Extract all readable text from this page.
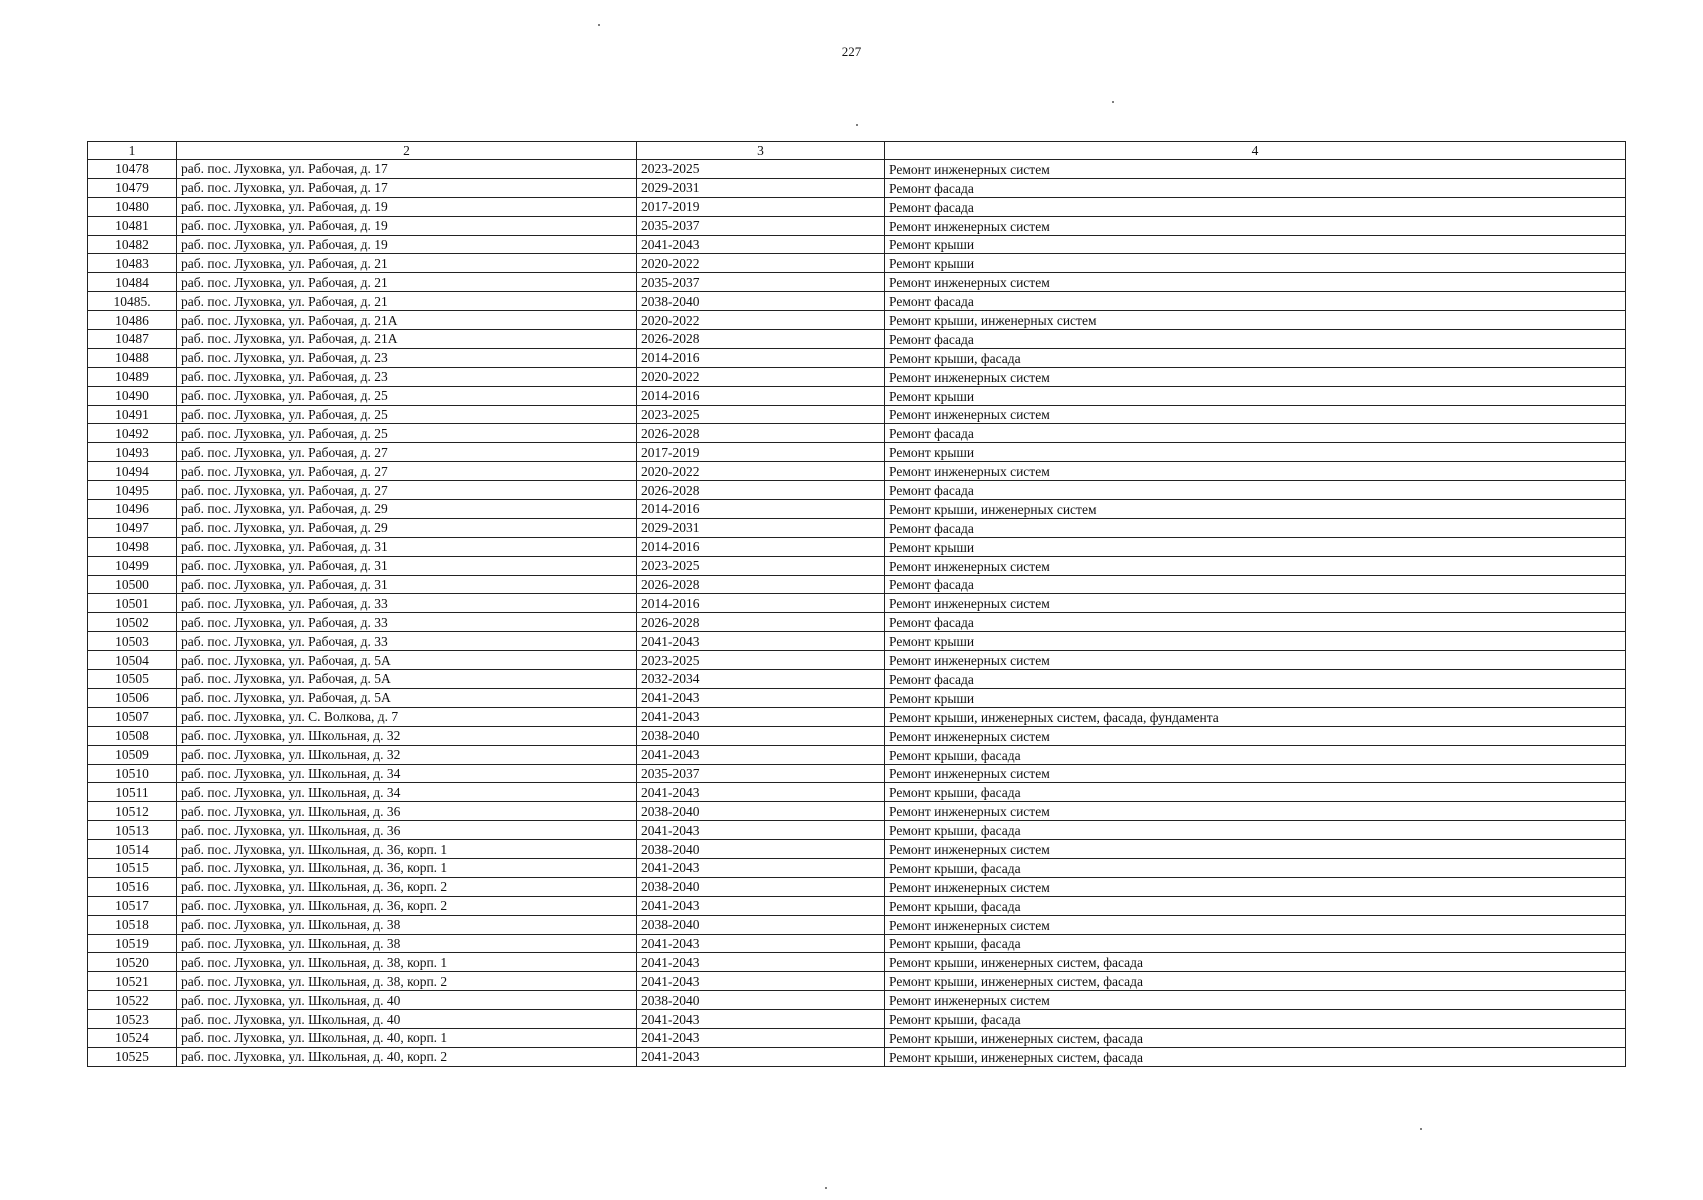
227
1	2	3	4
10478	раб. пос. Луховка, ул. Рабочая, д. 17	2023-2025	Ремонт инженерных систем
10479	раб. пос. Луховка, ул. Рабочая, д. 17	2029-2031	Ремонт фасада
10480	раб. пос. Луховка, ул. Рабочая, д. 19	2017-2019	Ремонт фасада
10481	раб. пос. Луховка, ул. Рабочая, д. 19	2035-2037	Ремонт инженерных систем
10482	раб. пос. Луховка, ул. Рабочая, д. 19	2041-2043	Ремонт крыши
10483	раб. пос. Луховка, ул. Рабочая, д. 21	2020-2022	Ремонт крыши
10484	раб. пос. Луховка, ул. Рабочая, д. 21	2035-2037	Ремонт инженерных систем
10485.	раб. пос. Луховка, ул. Рабочая, д. 21	2038-2040	Ремонт фасада
10486	раб. пос. Луховка, ул. Рабочая, д. 21А	2020-2022	Ремонт крыши, инженерных систем
10487	раб. пос. Луховка, ул. Рабочая, д. 21А	2026-2028	Ремонт фасада
10488	раб. пос. Луховка, ул. Рабочая, д. 23	2014-2016	Ремонт крыши, фасада
10489	раб. пос. Луховка, ул. Рабочая, д. 23	2020-2022	Ремонт инженерных систем
10490	раб. пос. Луховка, ул. Рабочая, д. 25	2014-2016	Ремонт крыши
10491	раб. пос. Луховка, ул. Рабочая, д. 25	2023-2025	Ремонт инженерных систем
10492	раб. пос. Луховка, ул. Рабочая, д. 25	2026-2028	Ремонт фасада
10493	раб. пос. Луховка, ул. Рабочая, д. 27	2017-2019	Ремонт крыши
10494	раб. пос. Луховка, ул. Рабочая, д. 27	2020-2022	Ремонт инженерных систем
10495	раб. пос. Луховка, ул. Рабочая, д. 27	2026-2028	Ремонт фасада
10496	раб. пос. Луховка, ул. Рабочая, д. 29	2014-2016	Ремонт крыши, инженерных систем
10497	раб. пос. Луховка, ул. Рабочая, д. 29	2029-2031	Ремонт фасада
10498	раб. пос. Луховка, ул. Рабочая, д. 31	2014-2016	Ремонт крыши
10499	раб. пос. Луховка, ул. Рабочая, д. 31	2023-2025	Ремонт инженерных систем
10500	раб. пос. Луховка, ул. Рабочая, д. 31	2026-2028	Ремонт фасада
10501	раб. пос. Луховка, ул. Рабочая, д. 33	2014-2016	Ремонт инженерных систем
10502	раб. пос. Луховка, ул. Рабочая, д. 33	2026-2028	Ремонт фасада
10503	раб. пос. Луховка, ул. Рабочая, д. 33	2041-2043	Ремонт крыши
10504	раб. пос. Луховка, ул. Рабочая, д. 5А	2023-2025	Ремонт инженерных систем
10505	раб. пос. Луховка, ул. Рабочая, д. 5А	2032-2034	Ремонт фасада
10506	раб. пос. Луховка, ул. Рабочая, д. 5А	2041-2043	Ремонт крыши
10507	раб. пос. Луховка, ул. С. Волкова, д. 7	2041-2043	Ремонт крыши, инженерных систем, фасада, фундамента
10508	раб. пос. Луховка, ул. Школьная, д. 32	2038-2040	Ремонт инженерных систем
10509	раб. пос. Луховка, ул. Школьная, д. 32	2041-2043	Ремонт крыши, фасада
10510	раб. пос. Луховка, ул. Школьная, д. 34	2035-2037	Ремонт инженерных систем
10511	раб. пос. Луховка, ул. Школьная, д. 34	2041-2043	Ремонт крыши, фасада
10512	раб. пос. Луховка, ул. Школьная, д. 36	2038-2040	Ремонт инженерных систем
10513	раб. пос. Луховка, ул. Школьная, д. 36	2041-2043	Ремонт крыши, фасада
10514	раб. пос. Луховка, ул. Школьная, д. 36, корп. 1	2038-2040	Ремонт инженерных систем
10515	раб. пос. Луховка, ул. Школьная, д. 36, корп. 1	2041-2043	Ремонт крыши, фасада
10516	раб. пос. Луховка, ул. Школьная, д. 36, корп. 2	2038-2040	Ремонт инженерных систем
10517	раб. пос. Луховка, ул. Школьная, д. 36, корп. 2	2041-2043	Ремонт крыши, фасада
10518	раб. пос. Луховка, ул. Школьная, д. 38	2038-2040	Ремонт инженерных систем
10519	раб. пос. Луховка, ул. Школьная, д. 38	2041-2043	Ремонт крыши, фасада
10520	раб. пос. Луховка, ул. Школьная, д. 38, корп. 1	2041-2043	Ремонт крыши, инженерных систем, фасада
10521	раб. пос. Луховка, ул. Школьная, д. 38, корп. 2	2041-2043	Ремонт крыши, инженерных систем, фасада
10522	раб. пос. Луховка, ул. Школьная, д. 40	2038-2040	Ремонт инженерных систем
10523	раб. пос. Луховка, ул. Школьная, д. 40	2041-2043	Ремонт крыши, фасада
10524	раб. пос. Луховка, ул. Школьная, д. 40, корп. 1	2041-2043	Ремонт крыши, инженерных систем, фасада
10525	раб. пос. Луховка, ул. Школьная, д. 40, корп. 2	2041-2043	Ремонт крыши, инженерных систем, фасада
